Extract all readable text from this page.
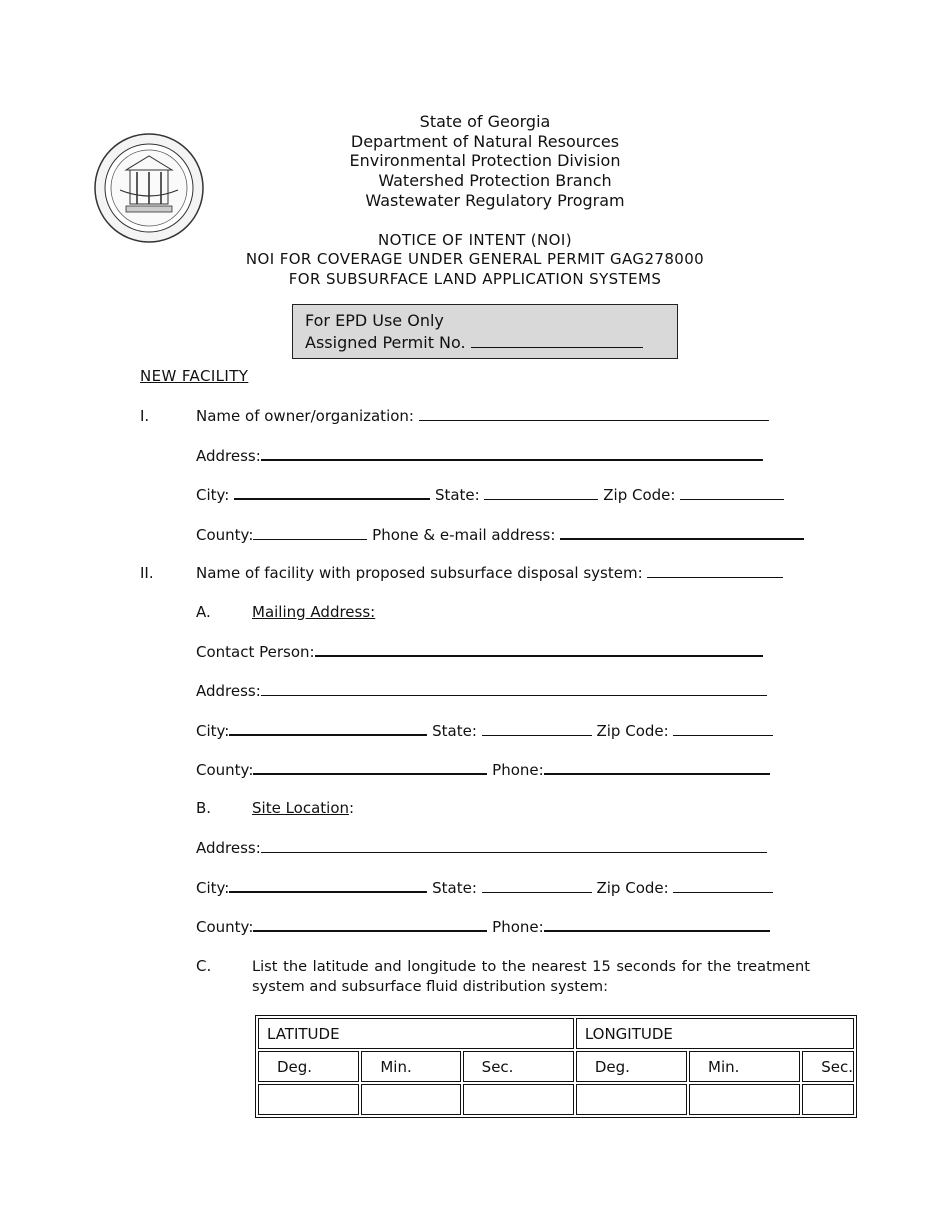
State of Georgia
Department of Natural Resources
Environmental Protection Division
Watershed Protection Branch
Wastewater Regulatory Program
NOTICE OF INTENT (NOI)
NOI FOR COVERAGE UNDER GENERAL PERMIT GAG278000
FOR SUBSURFACE LAND APPLICATION SYSTEMS
For EPD Use Only
Assigned Permit No.
NEW FACILITY
I.	Name of owner/organization:
Address:
City:	State:	Zip Code:
County:	Phone & e-mail address:
II.	Name of facility with proposed subsurface disposal system:
A.	Mailing Address:
Contact Person:
Address:
City:	State:	Zip Code:
County:	Phone:
B.	Site Location:
Address:
City:	State:	Zip Code:
County:	Phone:
C.	List the latitude and longitude to the nearest 15 seconds for the treatment
system and subsurface fluid distribution system:
LATITUDE			LONGITUDE		
Deg.	Min.	Sec.	Deg.	Min.	Sec.
